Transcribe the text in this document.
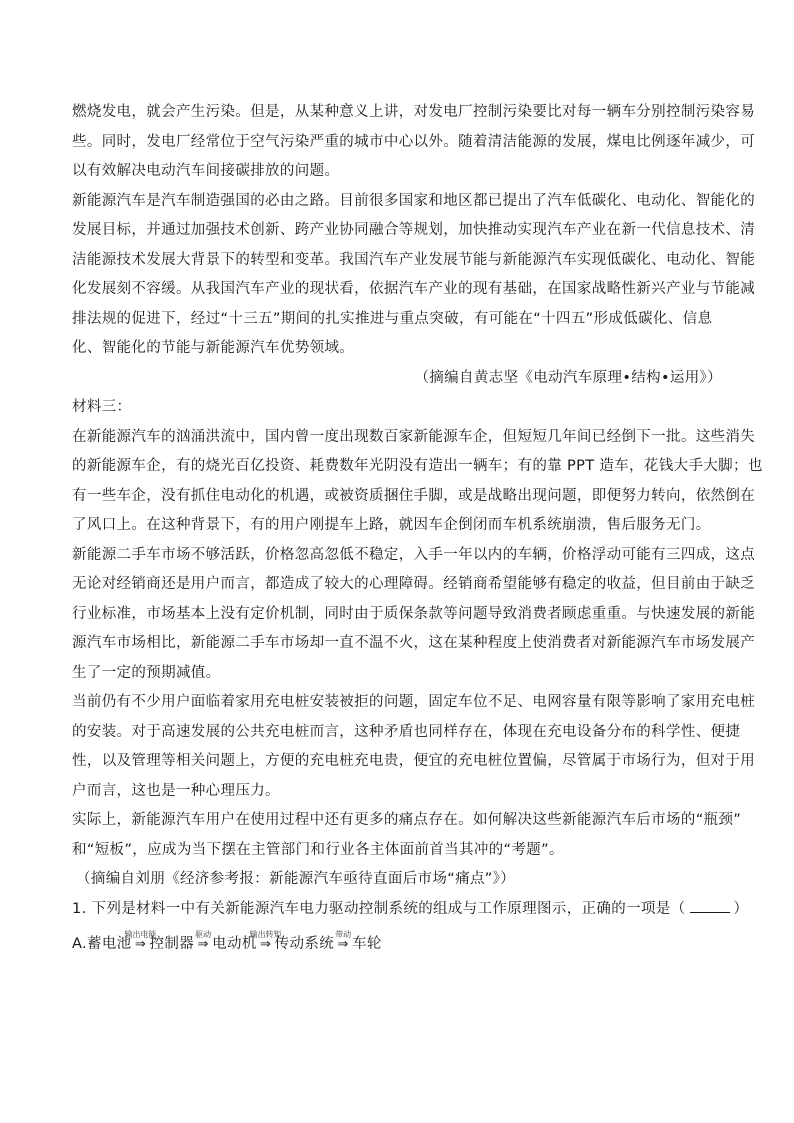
燃烧发电，就会产生污染。但是，从某种意义上讲，对发电厂控制污染要比对每一辆车分别控制污染容易
些。同时，发电厂经常位于空气污染严重的城市中心以外。随着清洁能源的发展，煤电比例逐年减少，可
以有效解决电动汽车间接碳排放的问题。
新能源汽车是汽车制造强国的必由之路。目前很多国家和地区都已提出了汽车低碳化、电动化、智能化的
发展目标，并通过加强技术创新、跨产业协同融合等规划，加快推动实现汽车产业在新一代信息技术、清
洁能源技术发展大背景下的转型和变革。我国汽车产业发展节能与新能源汽车实现低碳化、电动化、智能
化发展刻不容缓。从我国汽车产业的现状看，依据汽车产业的现有基础，在国家战略性新兴产业与节能减
排法规的促进下，经过“十三五”期间的扎实推进与重点突破，有可能在“十四五”形成低碳化、信息
化、智能化的节能与新能源汽车优势领域。
（摘编自黄志坚《电动汽车原理•结构•运用》）
材料三：
在新能源汽车的汹涌洪流中，国内曾一度出现数百家新能源车企，但短短几年间已经倒下一批。这些消失
的新能源车企，有的烧光百亿投资、耗费数年光阴没有造出一辆车；有的靠 PPT 造车，花钱大手大脚；也
有一些车企，没有抓住电动化的机遇，或被资质捆住手脚，或是战略出现问题，即便努力转向，依然倒在
了风口上。在这种背景下，有的用户刚提车上路，就因车企倒闭而车机系统崩溃，售后服务无门。
新能源二手车市场不够活跃，价格忽高忽低不稳定，入手一年以内的车辆，价格浮动可能有三四成，这点
无论对经销商还是用户而言，都造成了较大的心理障碍。经销商希望能够有稳定的收益，但目前由于缺乏
行业标准，市场基本上没有定价机制，同时由于质保条款等问题导致消费者顾虑重重。与快速发展的新能
源汽车市场相比，新能源二手车市场却一直不温不火，这在某种程度上使消费者对新能源汽车市场发展产
生了一定的预期减值。
当前仍有不少用户面临着家用充电桩安装被拒的问题，固定车位不足、电网容量有限等影响了家用充电桩
的安装。对于高速发展的公共充电桩而言，这种矛盾也同样存在，体现在充电设备分布的科学性、便捷
性，以及管理等相关问题上，方便的充电桩充电贵，便宜的充电桩位置偏，尽管属于市场行为，但对于用
户而言，这也是一种心理压力。
实际上，新能源汽车用户在使用过程中还有更多的痛点存在。如何解决这些新能源汽车后市场的“瓶颈”
和“短板”，应成为当下摆在主管部门和行业各主体面前首当其冲的“考题”。
（摘编自刘朋《经济参考报：新能源汽车亟待直面后市场“痛点”》）
1. 下列是材料一中有关新能源汽车电力驱动控制系统的组成与工作原理图示，正确的一项是（	）
A.蓄电池
输出电能
⇒ 控制器
驱动
⇒ 电动机
输出转矩
⇒ 传动系统
带动
⇒ 车轮
